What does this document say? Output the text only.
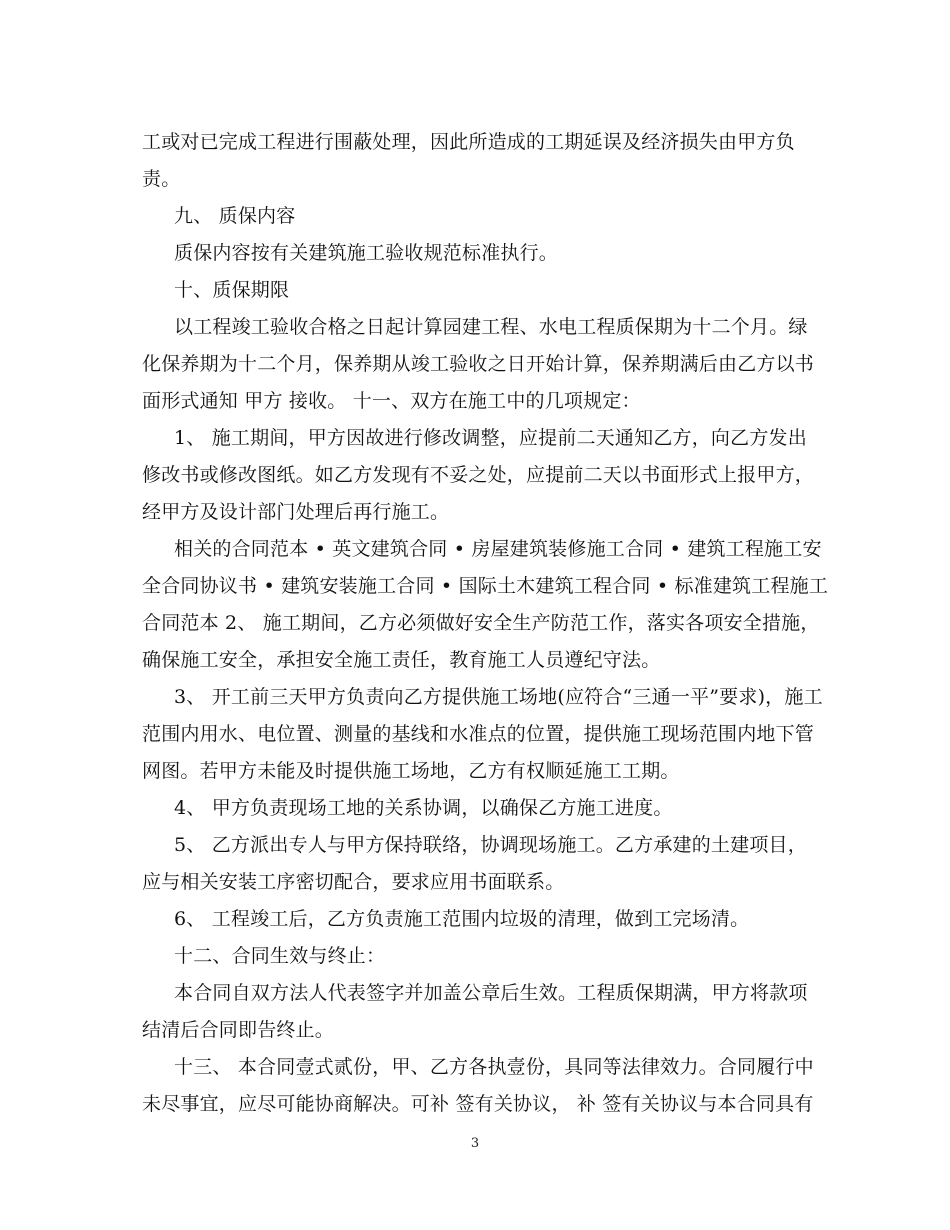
工或对已完成工程进行围蔽处理，因此所造成的工期延误及经济损失由甲方负
责。
九、 质保内容
质保内容按有关建筑施工验收规范标准执行。
十、质保期限
以工程竣工验收合格之日起计算园建工程、水电工程质保期为十二个月。绿
化保养期为十二个月，保养期从竣工验收之日开始计算，保养期满后由乙方以书
面形式通知 甲方 接收。 十一、双方在施工中的几项规定：
1、 施工期间，甲方因故进行修改调整，应提前二天通知乙方，向乙方发出
修改书或修改图纸。如乙方发现有不妥之处，应提前二天以书面形式上报甲方，
经甲方及设计部门处理后再行施工。
相关的合同范本 • 英文建筑合同 • 房屋建筑装修施工合同 • 建筑工程施工安
全合同协议书 • 建筑安装施工合同 • 国际土木建筑工程合同 • 标准建筑工程施工
合同范本 2、 施工期间，乙方必须做好安全生产防范工作，落实各项安全措施，
确保施工安全，承担安全施工责任，教育施工人员遵纪守法。
3、 开工前三天甲方负责向乙方提供施工场地(应符合“三通一平”要求)，施工
范围内用水、电位置、测量的基线和水准点的位置，提供施工现场范围内地下管
网图。若甲方未能及时提供施工场地，乙方有权顺延施工工期。
4、 甲方负责现场工地的关系协调，以确保乙方施工进度。
5、 乙方派出专人与甲方保持联络，协调现场施工。乙方承建的土建项目，
应与相关安装工序密切配合，要求应用书面联系。
6、 工程竣工后，乙方负责施工范围内垃圾的清理，做到工完场清。
十二、合同生效与终止：
本合同自双方法人代表签字并加盖公章后生效。工程质保期满，甲方将款项
结清后合同即告终止。
十三、 本合同壹式贰份，甲、乙方各执壹份，具同等法律效力。合同履行中
未尽事宜，应尽可能协商解决。可补 签有关协议， 补 签有关协议与本合同具有
3
